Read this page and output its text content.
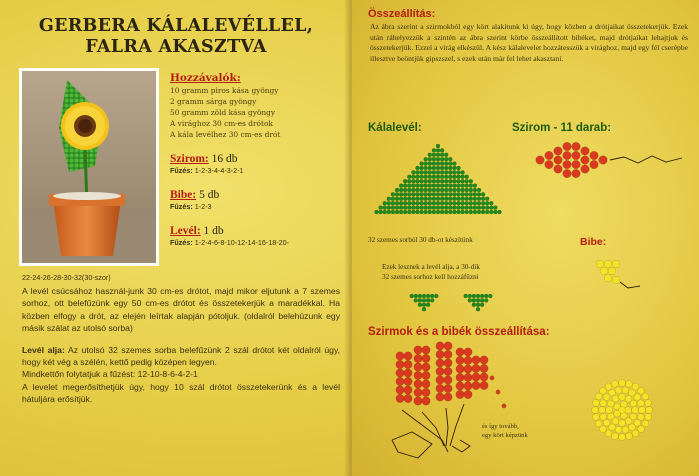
GERBERA KÁLALEVÉLLEL,
FALRA AKASZTVA
Hozzávalók:
10 gramm piros kása gyöngy
2 gramm sárga gyöngy
50 gramm zöld kása gyöngy
A virághoz 30 cm-es drótok
A kála levélhez 30 cm-es drót
Szirom: 16 db
Fűzés: 1-2-3-4-4-3-2-1
Bibe: 5 db
Fűzés: 1-2-3
Levél: 1 db
Fűzés: 1-2-4-6-8-10-12-14-16-18-20-
22-24-26-28-30-32(30-szor)
A levél csúcsához használ-junk 30 cm-es drótot, majd mikor eljutunk a 7 szemes sorhoz, ott belefűzünk egy 50 cm-es drótot és összetekerjük a maradékkal. Ha közben elfogy a drót, az elején leírtak alapján pótoljuk. (oldalról belehúzunk egy másik szálat az utolsó sorba)
Levél alja: Az utolsó 32 szemes sorba belefűzünk 2 szál drótot két oldalról úgy, hogy két vég a szélén, kettő pedig középen legyen.
Mindkettőn folytatjuk a fűzést: 12-10-8-6-4-2-1
A levelet megerősíthetjük úgy, hogy 10 szál drótot összetekerünk és a levél hátuljára erősítjük.
Összeállítás:
Az ábra szerint a szirmokból egy kört alakítunk ki úgy, hogy közben a drótjaikat összetekerjük. Ezek után ráhelyezzük a szintén az ábra szerint körbe összeállított bibéket, majd drótjaikat lehajtjuk és összetekerjük. Ezzel a virág elkészül. A kész kálalevelet hozzátesszük a virághoz, majd egy fél cserépbe illesztve beöntjük gipszszel, s ezek után már fel lehet akasztani.
Kálalevél:	Szirom - 11 darab:
32 szemes sorból 30 db-ot készítünk	Bibe:
Ezek lesznek a levél alja, a 30-dik
32 szemes sorhoz kell hozzáfűzni
Szirmok és a bibék összeállítása:
és így tovább,
egy kört képzünk
